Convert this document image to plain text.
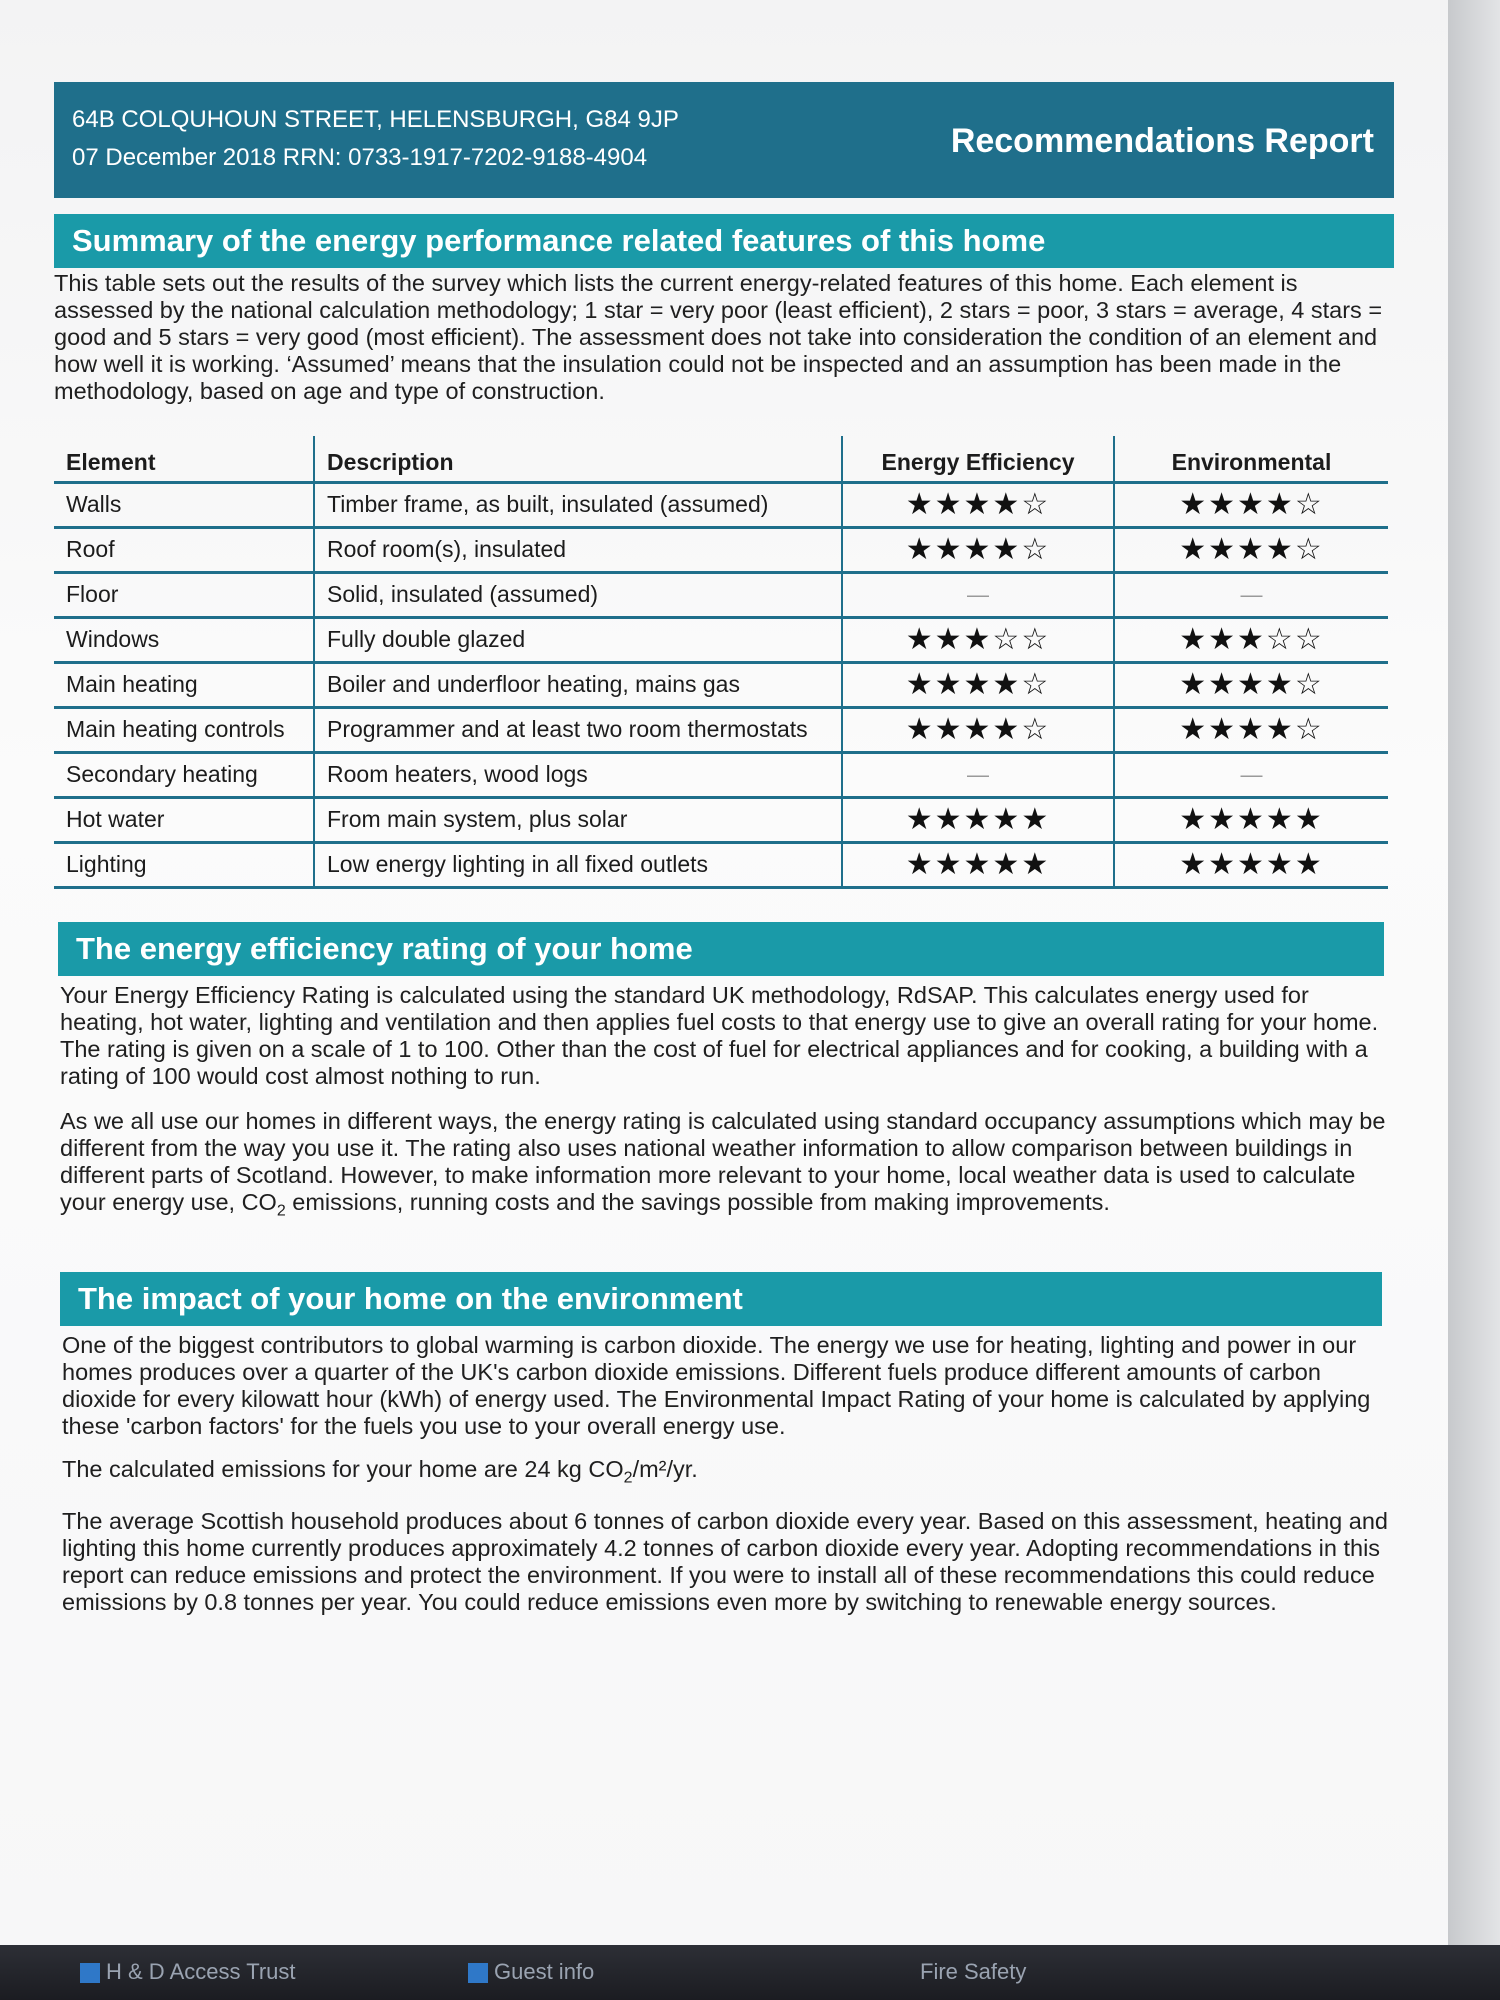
64B COLQUHOUN STREET, HELENSBURGH, G84 9JP
07 December 2018 RRN: 0733-1917-7202-9188-4904	Recommendations Report
Summary of the energy performance related features of this home
This table sets out the results of the survey which lists the current energy-related features of this home. Each element is assessed by the national calculation methodology; 1 star = very poor (least efficient), 2 stars = poor, 3 stars = average, 4 stars = good and 5 stars = very good (most efficient). The assessment does not take into consideration the condition of an element and how well it is working. ‘Assumed’ means that the insulation could not be inspected and an assumption has been made in the methodology, based on age and type of construction.
Element	Description	Energy Efficiency	Environmental
Walls	Timber frame, as built, insulated (assumed)	★★★★☆	★★★★☆
Roof	Roof room(s), insulated	★★★★☆	★★★★☆
Floor	Solid, insulated (assumed)	—	—
Windows	Fully double glazed	★★★☆☆	★★★☆☆
Main heating	Boiler and underfloor heating, mains gas	★★★★☆	★★★★☆
Main heating controls	Programmer and at least two room thermostats	★★★★☆	★★★★☆
Secondary heating	Room heaters, wood logs	—	—
Hot water	From main system, plus solar	★★★★★	★★★★★
Lighting	Low energy lighting in all fixed outlets	★★★★★	★★★★★
The energy efficiency rating of your home
Your Energy Efficiency Rating is calculated using the standard UK methodology, RdSAP. This calculates energy used for heating, hot water, lighting and ventilation and then applies fuel costs to that energy use to give an overall rating for your home. The rating is given on a scale of 1 to 100. Other than the cost of fuel for electrical appliances and for cooking, a building with a rating of 100 would cost almost nothing to run.
As we all use our homes in different ways, the energy rating is calculated using standard occupancy assumptions which may be different from the way you use it. The rating also uses national weather information to allow comparison between buildings in different parts of Scotland. However, to make information more relevant to your home, local weather data is used to calculate your energy use, $CO_2$ emissions, running costs and the savings possible from making improvements.
The impact of your home on the environment
One of the biggest contributors to global warming is carbon dioxide. The energy we use for heating, lighting and power in our homes produces over a quarter of the UK's carbon dioxide emissions. Different fuels produce different amounts of carbon dioxide for every kilowatt hour (kWh) of energy used. The Environmental Impact Rating of your home is calculated by applying these 'carbon factors' for the fuels you use to your overall energy use.
The calculated emissions for your home are 24 kg $CO_2/m^2/yr$.
The average Scottish household produces about 6 tonnes of carbon dioxide every year. Based on this assessment, heating and lighting this home currently produces approximately 4.2 tonnes of carbon dioxide every year. Adopting recommendations in this report can reduce emissions and protect the environment. If you were to install all of these recommendations this could reduce emissions by 0.8 tonnes per year. You could reduce emissions even more by switching to renewable energy sources.
H & D Access Trust	Guest info	Fire Safety
